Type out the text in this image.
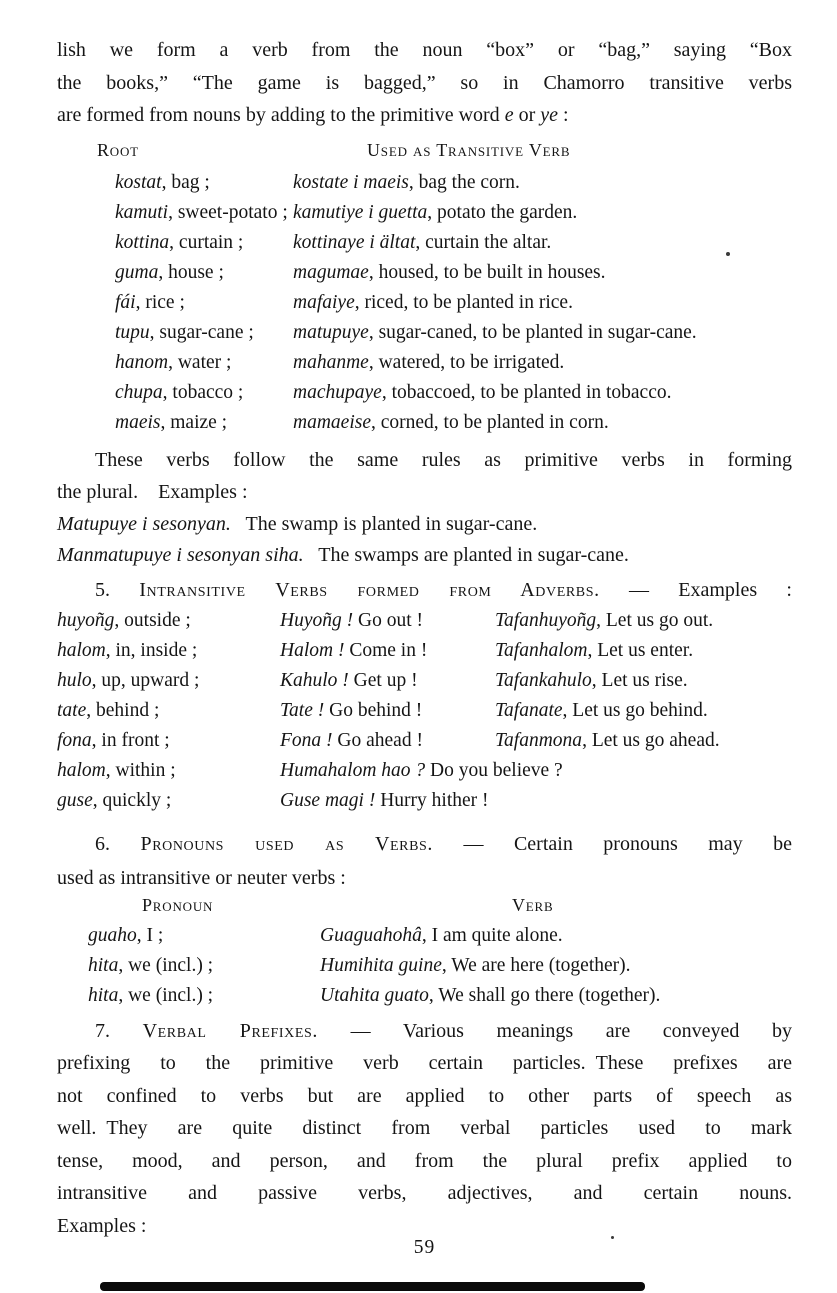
lish we form a verb from the noun “box” or “bag,” saying “Box
the books,” “The game is bagged,” so in Chamorro transitive verbs
are formed from nouns by adding to the primitive word e or ye :
Root	Used as Transitive Verb
kostat, bag ;	kostate i maeis, bag the corn.
kamuti, sweet-potato ; kamutiye i guetta, potato the garden.
kottina, curtain ;	kottinaye i ältat, curtain the altar.
guma, house ;	magumae, housed, to be built in houses.
fái, rice ;	mafaiye, riced, to be planted in rice.
tupu, sugar-cane ;	matupuye, sugar-caned, to be planted in sugar-cane.
hanom, water ;	mahanme, watered, to be irrigated.
chupa, tobacco ;	machupaye, tobaccoed, to be planted in tobacco.
maeis, maize ;	mamaeise, corned, to be planted in corn.
These verbs follow the same rules as primitive verbs in forming
the plural. Examples :
Matupuye i sesonyan.  The swamp is planted in sugar-cane.
Manmatupuye i sesonyan siha.  The swamps are planted in sugar-cane.
5. Intransitive Verbs formed from Adverbs. — Examples :
huyoñg, outside ;	Huyoñg ! Go out !	Tafanhuyoñg, Let us go out.
halom, in, inside ;	Halom ! Come in !	Tafanhalom, Let us enter.
hulo, up, upward ;	Kahulo ! Get up !	Tafankahulo, Let us rise.
tate, behind ;	Tate ! Go behind !	Tafanate, Let us go behind.
fona, in front ;	Fona ! Go ahead !	Tafanmona, Let us go ahead.
halom, within ;	Humahalom hao ? Do you believe ?
guse, quickly ;	Guse magi ! Hurry hither !
6. Pronouns used as Verbs. — Certain pronouns may be
used as intransitive or neuter verbs :
Pronoun	Verb
guaho, I ;	Guaguahohâ, I am quite alone.
hita, we (incl.) ;	Humihita guine, We are here (together).
hita, we (incl.) ;	Utahita guato, We shall go there (together).
7. Verbal Prefixes. — Various meanings are conveyed by
prefixing to the primitive verb certain particles. These prefixes are
not confined to verbs but are applied to other parts of speech as
well. They are quite distinct from verbal particles used to mark
tense, mood, and person, and from the plural prefix applied to
intransitive and passive verbs, adjectives, and certain nouns.
Examples :
59
